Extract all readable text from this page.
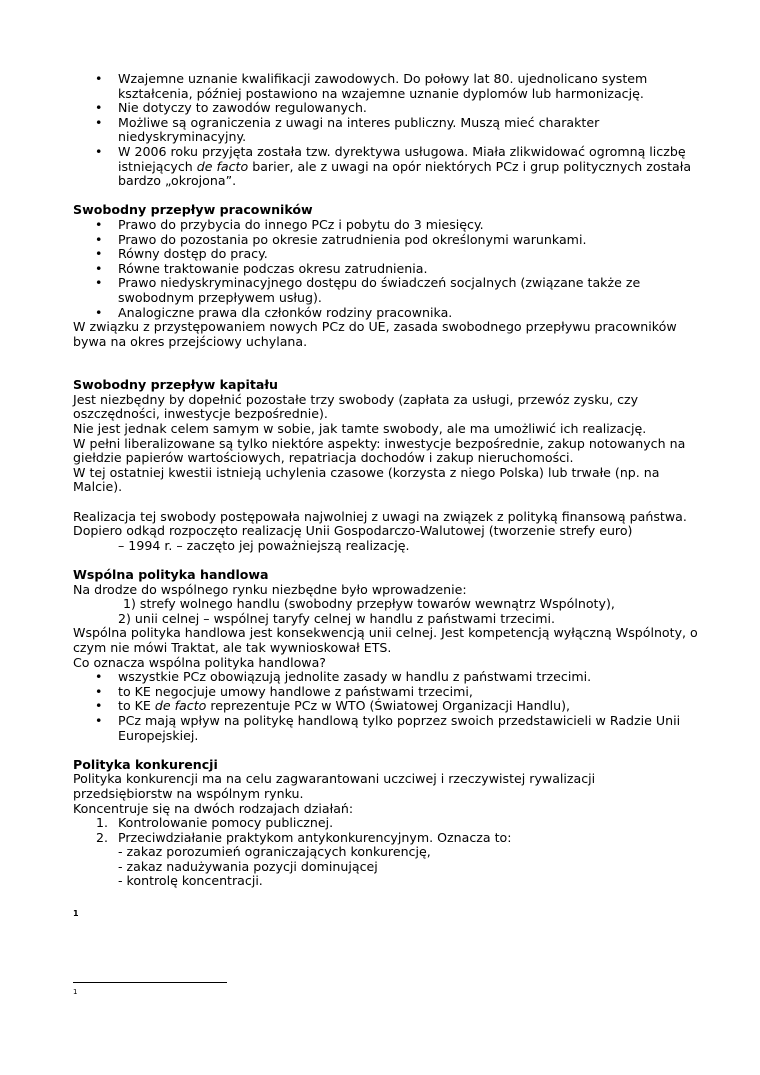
• Wzajemne uznanie kwalifikacji zawodowych. Do połowy lat 80. ujednolicano system kształcenia, później postawiono na wzajemne uznanie dyplomów lub harmonizację.
• Nie dotyczy to zawodów regulowanych.
• Możliwe są ograniczenia z uwagi na interes publiczny. Muszą mieć charakter niedyskryminacyjny.
• W 2006 roku przyjęta została tzw. dyrektywa usługowa. Miała zlikwidować ogromną liczbę istniejących de facto barier, ale z uwagi na opór niektórych PCz i grup politycznych została bardzo „okrojona”.
Swobodny przepływ pracowników
• Prawo do przybycia do innego PCz i pobytu do 3 miesięcy.
• Prawo do pozostania po okresie zatrudnienia pod określonymi warunkami.
• Równy dostęp do pracy.
• Równe traktowanie podczas okresu zatrudnienia.
• Prawo niedyskryminacyjnego dostępu do świadczeń socjalnych (związane także ze swobodnym przepływem usług).
• Analogiczne prawa dla członków rodziny pracownika.

W związku z przystępowaniem nowych PCz do UE, zasada swobodnego przepływu pracowników bywa na okres przejściowy uchylana.

Swobodny przepływ kapitału

Jest niezbędny by dopełnić pozostałe trzy swobody (zapłata za usługi, przewóz zysku, czy oszczędności, inwestycje bezpośrednie).

Nie jest jednak celem samym w sobie, jak tamte swobody, ale ma umożliwić ich realizację.

W pełni liberalizowane są tylko niektóre aspekty: inwestycje bezpośrednie, zakup notowanych na giełdzie papierów wartościowych, repatriacja dochodów i zakup nieruchomości.

W tej ostatniej kwestii istnieją uchylenia czasowe (korzysta z niego Polska) lub trwałe (np. na Malcie).

Realizacja tej swobody postępowała najwolniej z uwagi na związek z polityką finansową państwa. Dopiero odkąd rozpoczęto realizację Unii Gospodarczo-Walutowej (tworzenie strefy euro)

– 1994 r. – zaczęto jej poważniejszą realizację.

Wspólna polityka handlowa

Na drodze do wspólnego rynku niezbędne było wprowadzenie:

1) strefy wolnego handlu (swobodny przepływ towarów wewnątrz Wspólnoty),

2) unii celnej – wspólnej taryfy celnej w handlu z państwami trzecimi.

Wspólna polityka handlowa jest konsekwencją unii celnej. Jest kompetencją wyłączną Wspólnoty, o czym nie mówi Traktat, ale tak wywnioskował ETS.

Co oznacza wspólna polityka handlowa?

• wszystkie PCz obowiązują jednolite zasady w handlu z państwami trzecimi.
• to KE negocjuje umowy handlowe z państwami trzecimi,
• to KE de facto reprezentuje PCz w WTO (Światowej Organizacji Handlu),
• PCz mają wpływ na politykę handlową tylko poprzez swoich przedstawicieli w Radzie Unii Europejskiej.
Polityka konkurencji

Polityka konkurencji ma na celu zagwarantowani uczciwej i rzeczywistej rywalizacji przedsiębiorstw na wspólnym rynku.

Koncentruje się na dwóch rodzajach działań:

1. Kontrolowanie pomocy publicznej.
2. Przeciwdziałanie praktykom antykonkurencyjnym. Oznacza to:
- zakaz porozumień ograniczających konkurencję,
- zakaz nadużywania pozycji dominującej
- kontrolę koncentracji.
1
1
